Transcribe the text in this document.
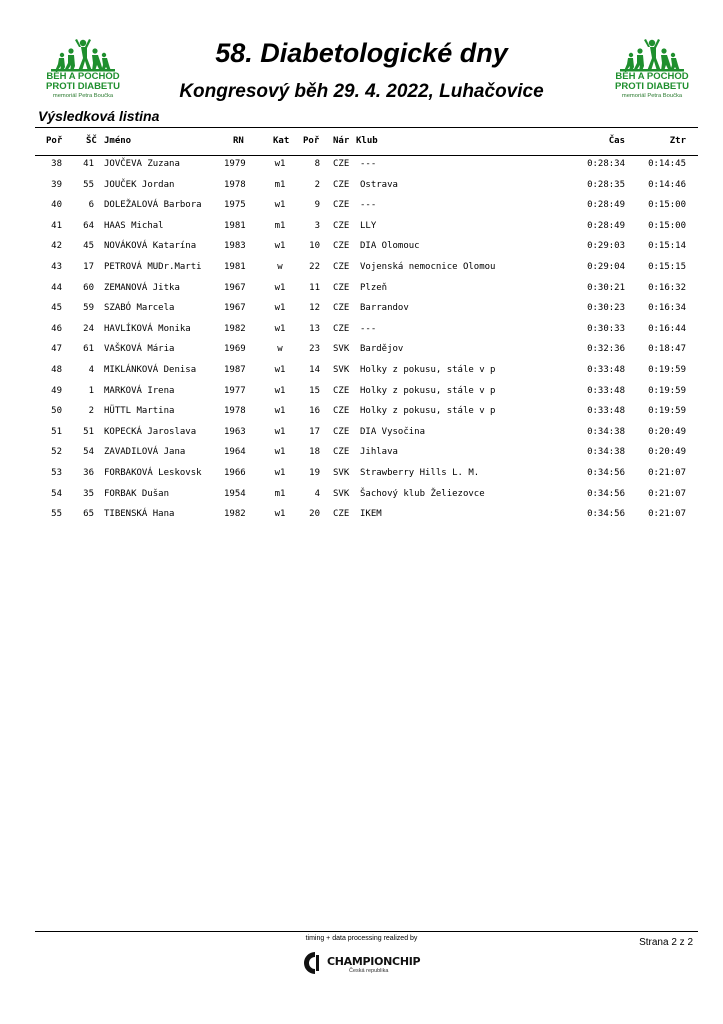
BĚH A POCHOD
PROTI DIABETU
memoriál Petra Boučka
BĚH A POCHOD
PROTI DIABETU
memoriál Petra Boučka
58. Diabetologické dny
Kongresový běh 29. 4. 2022, Luhačovice
Výsledková listina
Poř	ŠČ Jméno	RN	Kat Poř Nár Klub	Čas	Ztr
38	41 JOVČEVA Zuzana	1979	w1	8 CZE	---	0:28:34	0:14:45
39	55 JOUČEK Jordan	1978	m1	2 CZE	Ostrava	0:28:35	0:14:46
40	6 DOLEŽALOVÁ Barbora	1975	w1	9 CZE	---	0:28:49	0:15:00
41	64 HAAS Michal	1981	m1	3 CZE	LLY	0:28:49	0:15:00
42	45 NOVÁKOVÁ Katarína	1983	w1	10 CZE	DIA Olomouc	0:29:03	0:15:14
43	17 PETROVÁ MUDr.Marti	1981	w	22 CZE	Vojenská nemocnice Olomou	0:29:04	0:15:15
44	60 ZEMANOVÁ Jitka	1967	w1	11 CZE	Plzeň	0:30:21	0:16:32
45	59 SZABÓ Marcela	1967	w1	12 CZE	Barrandov	0:30:23	0:16:34
46	24 HAVLÍKOVÁ Monika	1982	w1	13 CZE	---	0:30:33	0:16:44
47	61 VAŠKOVÁ Mária	1969	w	23 SVK	Bardějov	0:32:36	0:18:47
48	4 MIKLÁNKOVÁ Denisa	1987	w1	14 SVK	Holky z pokusu, stále v p	0:33:48	0:19:59
49	1 MARKOVÁ Irena	1977	w1	15 CZE	Holky z pokusu, stále v p	0:33:48	0:19:59
50	2 HÜTTL Martina	1978	w1	16 CZE	Holky z pokusu, stále v p	0:33:48	0:19:59
51	51 KOPECKÁ Jaroslava	1963	w1	17 CZE	DIA Vysočina	0:34:38	0:20:49
52	54 ZAVADILOVÁ Jana	1964	w1	18 CZE	Jihlava	0:34:38	0:20:49
53	36 FORBAKOVÁ Leskovsk	1966	w1	19 SVK	Strawberry Hills L. M.	0:34:56	0:21:07
54	35 FORBAK Dušan	1954	m1	4 SVK	Šachový klub Želiezovce	0:34:56	0:21:07
55	65 TIBENSKÁ Hana	1982	w1	20 CZE	IKEM	0:34:56	0:21:07
timing + data processing realized by	Strana 2 z 2
CHAMPIONCHIP
Česká republika
